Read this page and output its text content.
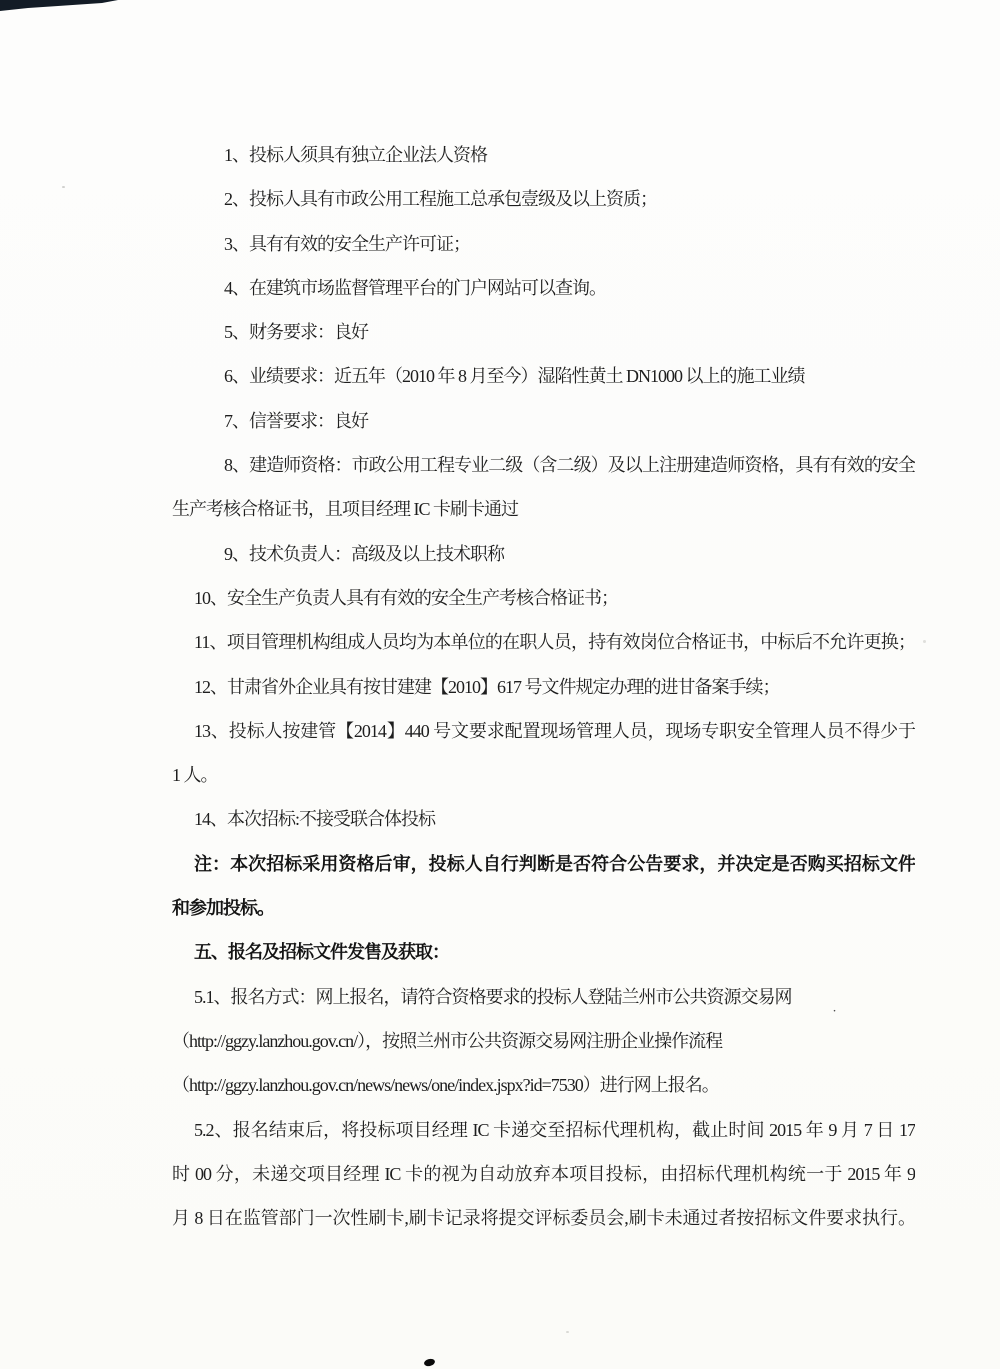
1、投标人须具有独立企业法人资格
2、投标人具有市政公用工程施工总承包壹级及以上资质；
3、具有有效的安全生产许可证；
4、在建筑市场监督管理平台的门户网站可以查询。
5、财务要求：良好
6、业绩要求：近五年（2010 年 8 月至今）湿陷性黄土 DN1000 以上的施工业绩
7、信誉要求：良好
8、建造师资格：市政公用工程专业二级（含二级）及以上注册建造师资格，具有有效的安全
生产考核合格证书，且项目经理 IC 卡刷卡通过
9、技术负责人：高级及以上技术职称
10、安全生产负责人具有有效的安全生产考核合格证书；
11、项目管理机构组成人员均为本单位的在职人员，持有效岗位合格证书，中标后不允许更换；
12、甘肃省外企业具有按甘建建【2010】617 号文件规定办理的进甘备案手续；
13、投标人按建管【2014】440 号文要求配置现场管理人员，现场专职安全管理人员不得少于
1 人。
14、本次招标:不接受联合体投标
注：本次招标采用资格后审，投标人自行判断是否符合公告要求，并决定是否购买招标文件
和参加投标。
五、报名及招标文件发售及获取：
5.1、报名方式：网上报名，请符合资格要求的投标人登陆兰州市公共资源交易网
（http://ggzy.lanzhou.gov.cn/），按照兰州市公共资源交易网注册企业操作流程
（http://ggzy.lanzhou.gov.cn/news/news/one/index.jspx?id=7530）进行网上报名。
5.2、报名结束后，将投标项目经理 IC 卡递交至招标代理机构，截止时间 2015 年 9 月 7 日 17
时 00 分，未递交项目经理 IC 卡的视为自动放弃本项目投标，由招标代理机构统一于 2015 年 9
月 8 日在监管部门一次性刷卡,刷卡记录将提交评标委员会,刷卡未通过者按招标文件要求执行。
˙
